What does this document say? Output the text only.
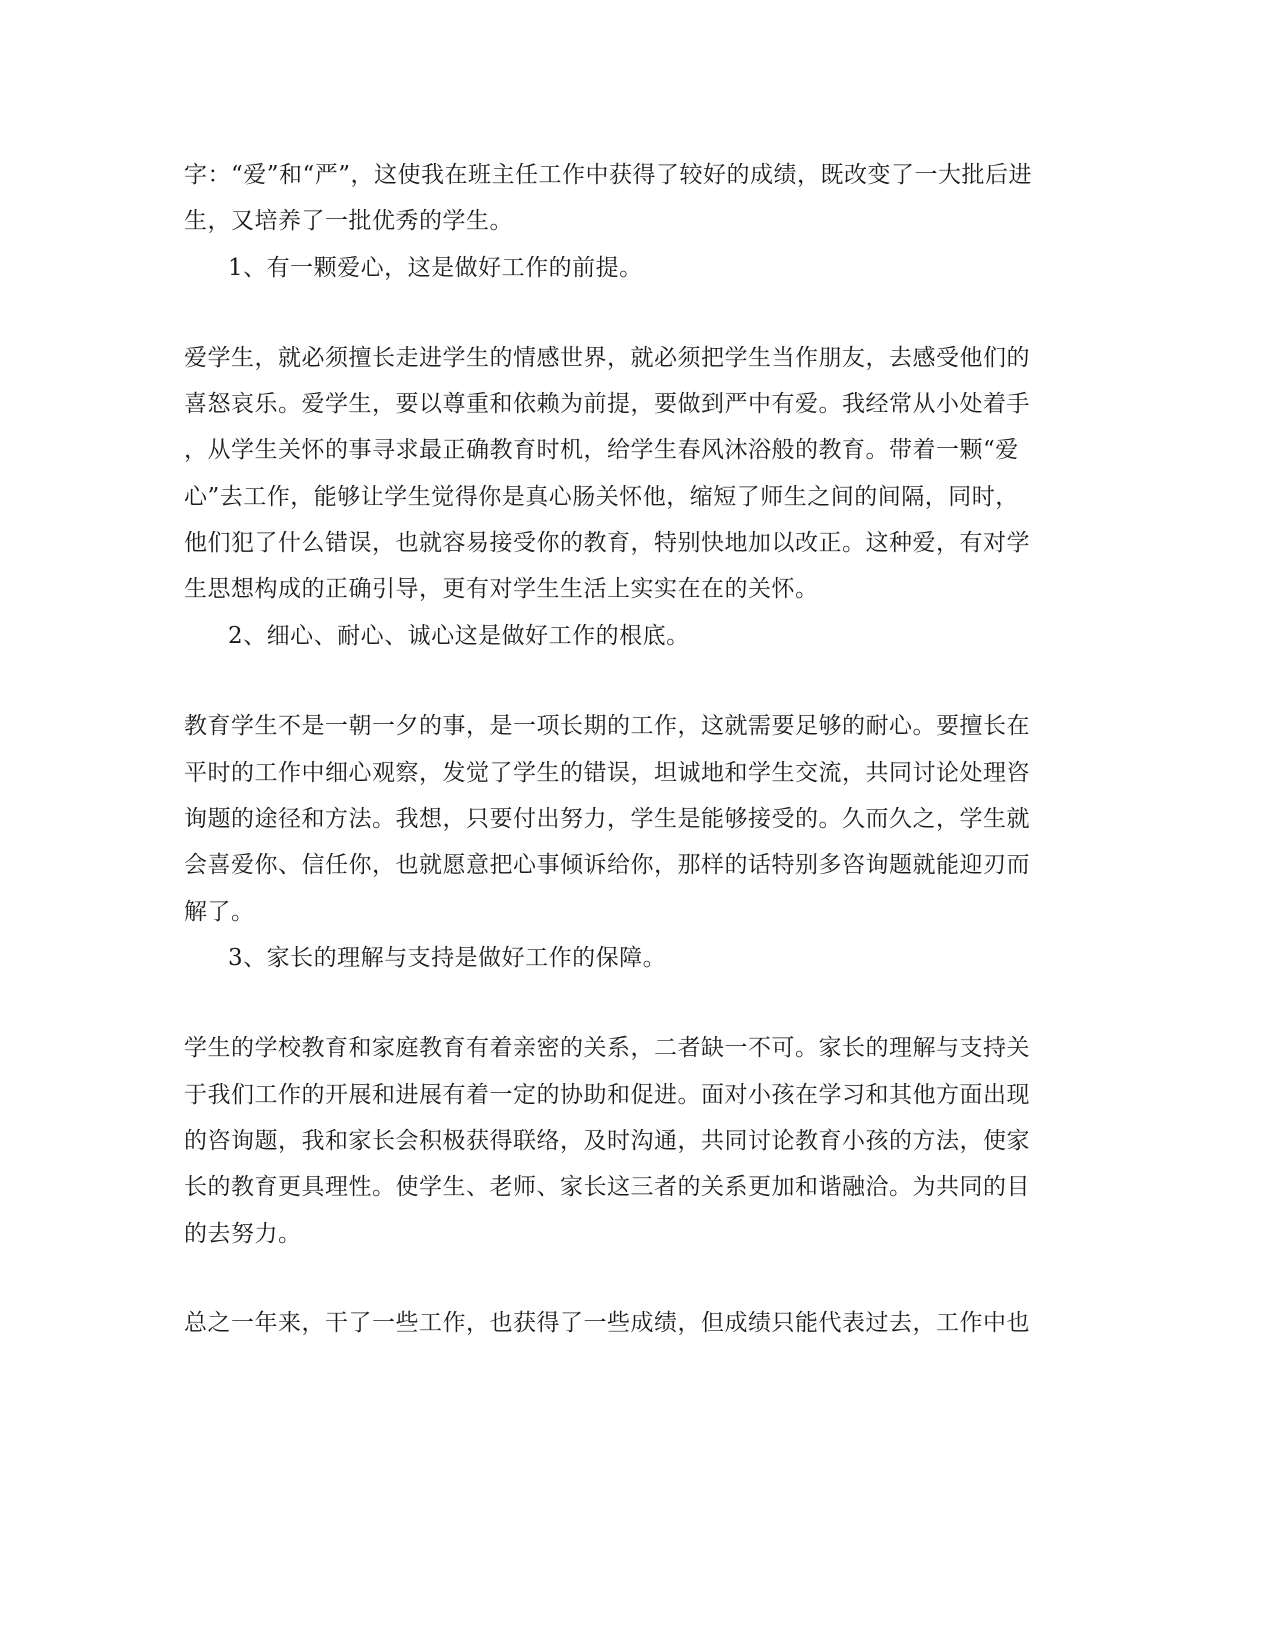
字：“爱”和“严”，这使我在班主任工作中获得了较好的成绩，既改变了一大批后进

生，又培养了一批优秀的学生。

1、有一颗爱心，这是做好工作的前提。

爱学生，就必须擅长走进学生的情感世界，就必须把学生当作朋友，去感受他们的

喜怒哀乐。爱学生，要以尊重和依赖为前提，要做到严中有爱。我经常从小处着手

，从学生关怀的事寻求最正确教育时机，给学生春风沐浴般的教育。带着一颗“爱

心”去工作，能够让学生觉得你是真心肠关怀他，缩短了师生之间的间隔，同时，

他们犯了什么错误，也就容易接受你的教育，特别快地加以改正。这种爱，有对学

生思想构成的正确引导，更有对学生生活上实实在在的关怀。

2、细心、耐心、诚心这是做好工作的根底。

教育学生不是一朝一夕的事，是一项长期的工作，这就需要足够的耐心。要擅长在

平时的工作中细心观察，发觉了学生的错误，坦诚地和学生交流，共同讨论处理咨

询题的途径和方法。我想，只要付出努力，学生是能够接受的。久而久之，学生就

会喜爱你、信任你，也就愿意把心事倾诉给你，那样的话特别多咨询题就能迎刃而

解了。

3、家长的理解与支持是做好工作的保障。

学生的学校教育和家庭教育有着亲密的关系，二者缺一不可。家长的理解与支持关

于我们工作的开展和进展有着一定的协助和促进。面对小孩在学习和其他方面出现

的咨询题，我和家长会积极获得联络，及时沟通，共同讨论教育小孩的方法，使家

长的教育更具理性。使学生、老师、家长这三者的关系更加和谐融洽。为共同的目

的去努力。

总之一年来，干了一些工作，也获得了一些成绩，但成绩只能代表过去，工作中也
